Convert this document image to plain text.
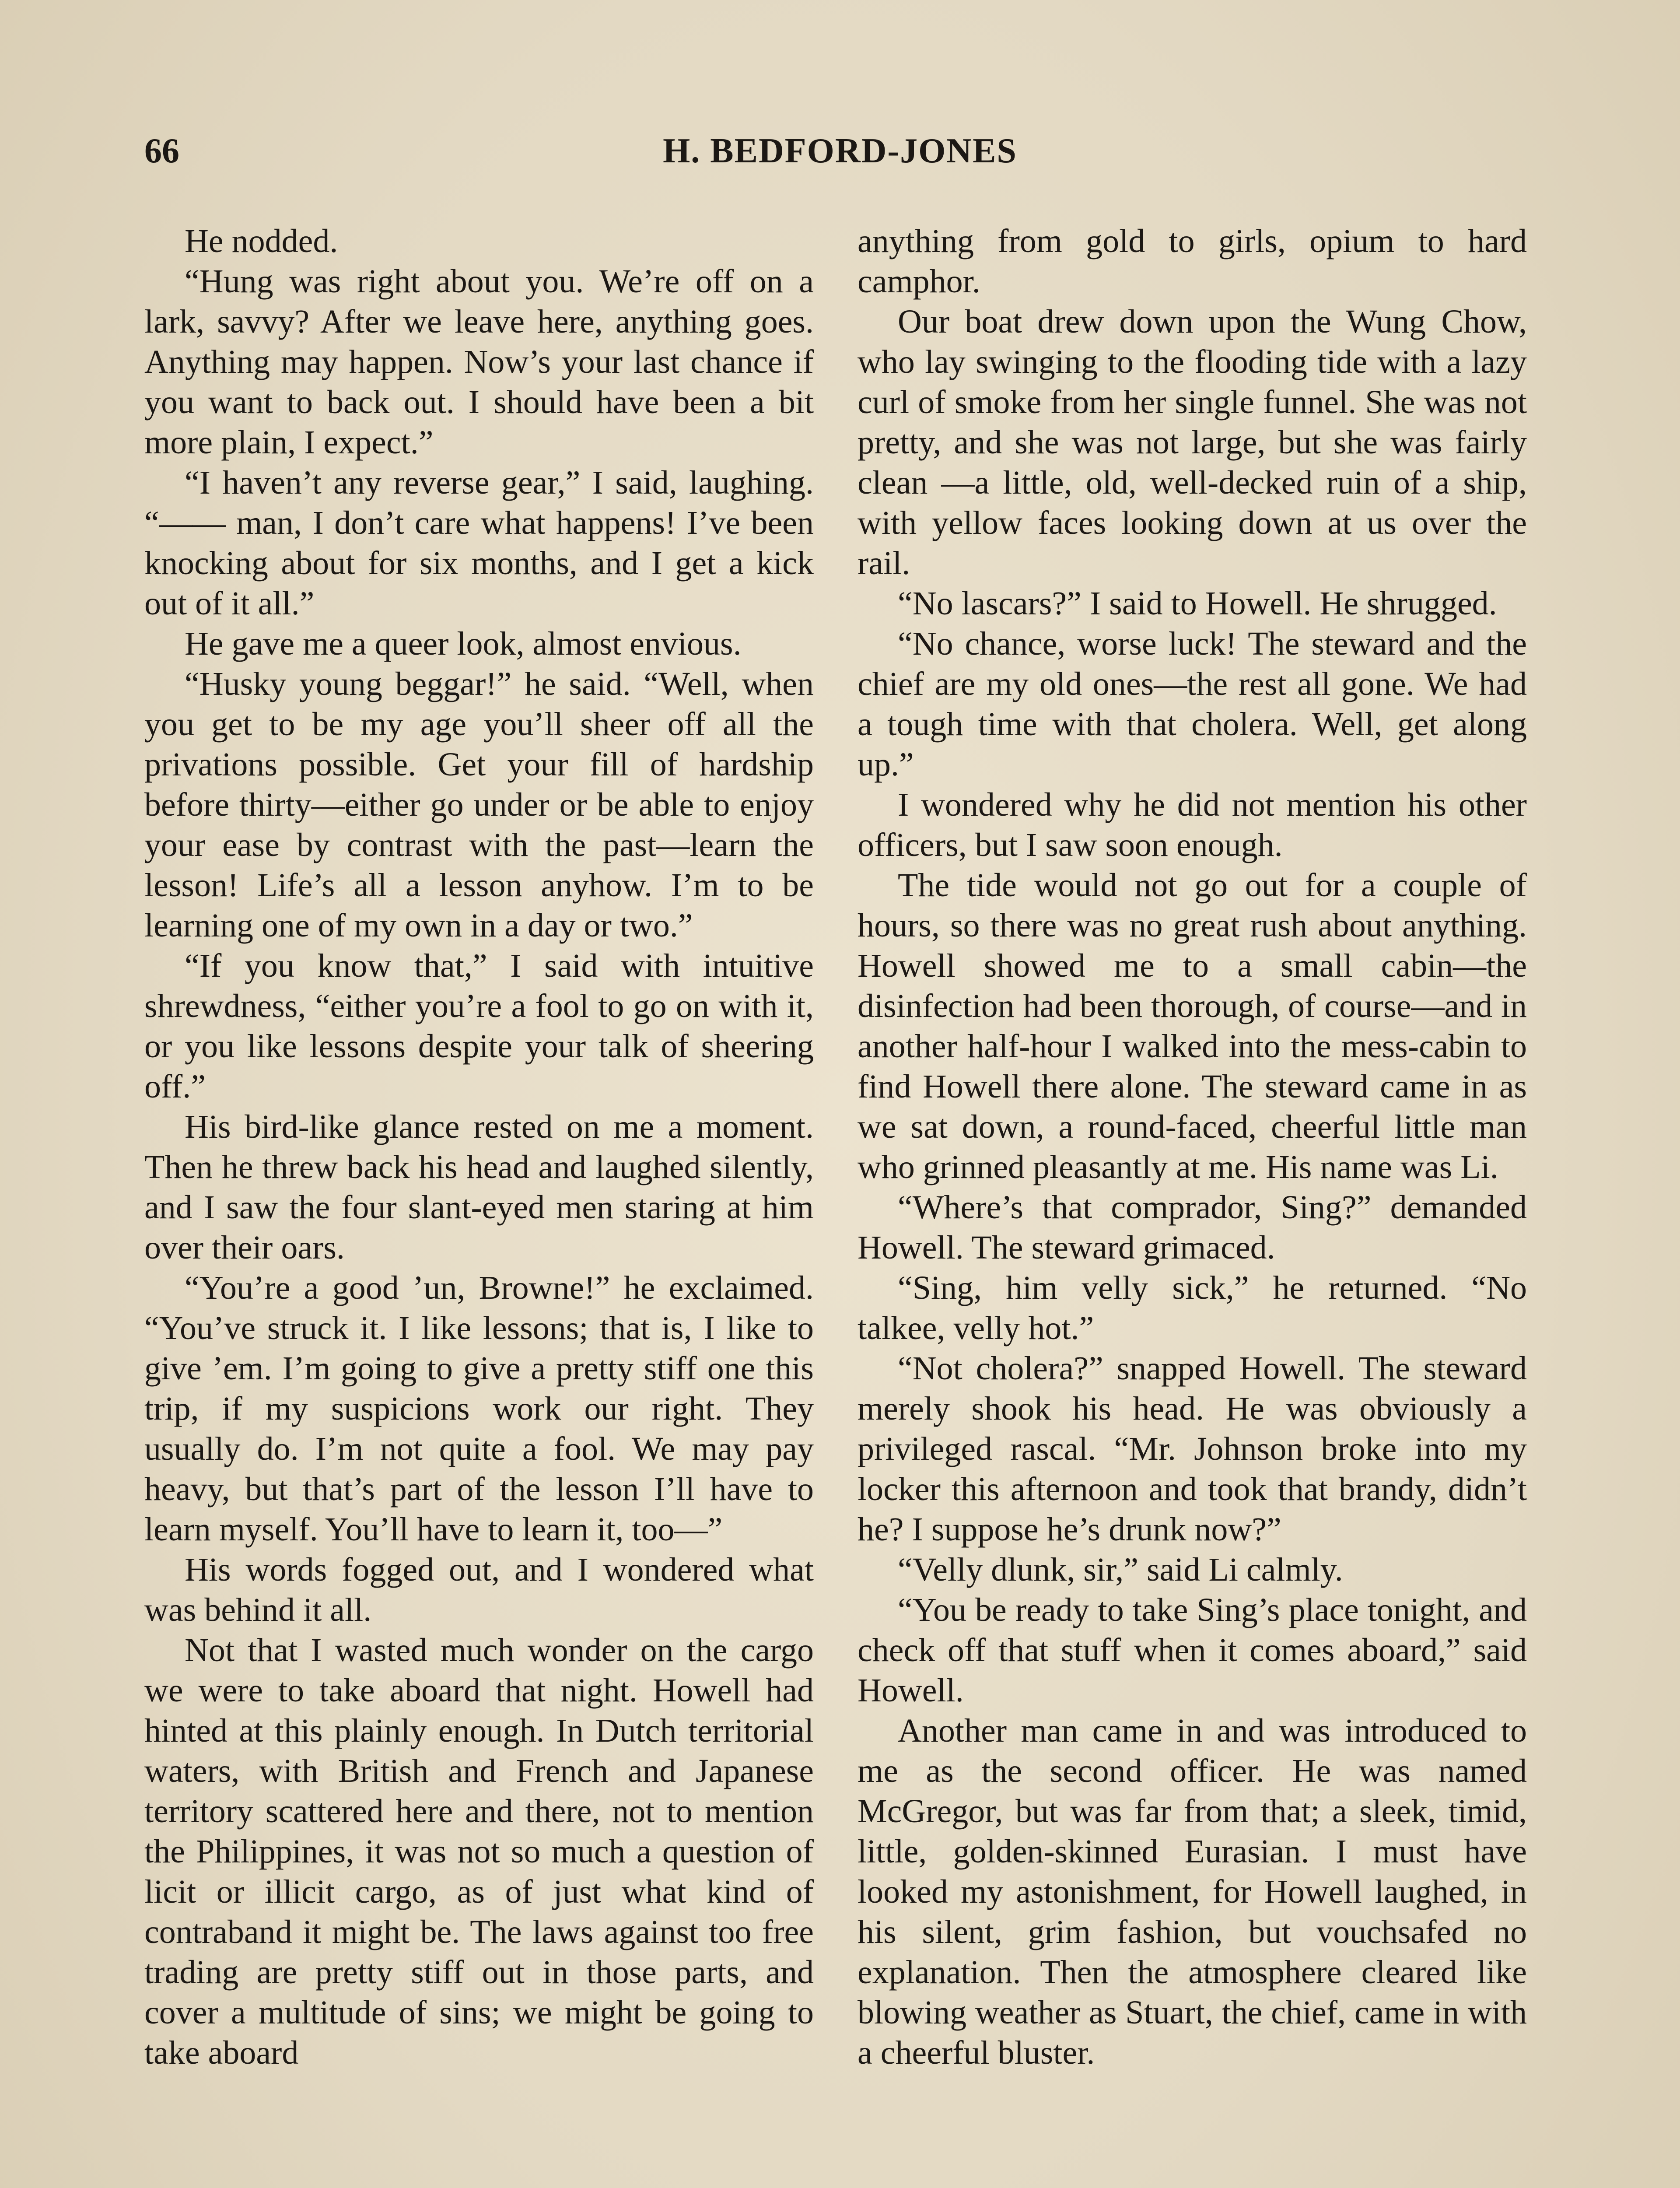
66	H. BEDFORD-JONES

He nodded.

“Hung was right about you. We’re off on a lark, savvy? After we leave here, anything goes. Anything may happen. Now’s your last chance if you want to back out. I should have been a bit more plain, I expect.”

“I haven’t any reverse gear,” I said, laughing. “—— man, I don’t care what happens! I’ve been knocking about for six months, and I get a kick out of it all.”

He gave me a queer look, almost envious.

“Husky young beggar!” he said. “Well, when you get to be my age you’ll sheer off all the privations possible. Get your fill of hardship before thirty—either go under or be able to enjoy your ease by contrast with the past—learn the lesson! Life’s all a lesson anyhow. I’m to be learning one of my own in a day or two.”

“If you know that,” I said with intuitive shrewdness, “either you’re a fool to go on with it, or you like lessons despite your talk of sheering off.”

His bird-like glance rested on me a moment. Then he threw back his head and laughed silently, and I saw the four slant-eyed men staring at him over their oars.

“You’re a good ’un, Browne!” he exclaimed. “You’ve struck it. I like lessons; that is, I like to give ’em. I’m going to give a pretty stiff one this trip, if my suspicions work our right. They usually do. I’m not quite a fool. We may pay heavy, but that’s part of the lesson I’ll have to learn myself. You’ll have to learn it, too—”

His words fogged out, and I wondered what was behind it all.

Not that I wasted much wonder on the cargo we were to take aboard that night. Howell had hinted at this plainly enough. In Dutch territorial waters, with British and French and Japanese territory scattered here and there, not to mention the Philippines, it was not so much a question of licit or illicit cargo, as of just what kind of contraband it might be. The laws against too free trading are pretty stiff out in those parts, and cover a multitude of sins; we might be going to take aboard

anything from gold to girls, opium to hard camphor.

Our boat drew down upon the Wung Chow, who lay swinging to the flooding tide with a lazy curl of smoke from her single funnel. She was not pretty, and she was not large, but she was fairly clean —a little, old, well-decked ruin of a ship, with yellow faces looking down at us over the rail.

“No lascars?” I said to Howell. He shrugged.

“No chance, worse luck! The steward and the chief are my old ones—the rest all gone. We had a tough time with that cholera. Well, get along up.”

I wondered why he did not mention his other officers, but I saw soon enough.

The tide would not go out for a couple of hours, so there was no great rush about anything. Howell showed me to a small cabin—the disinfection had been thorough, of course—and in another half-hour I walked into the mess-cabin to find Howell there alone. The steward came in as we sat down, a round-faced, cheerful little man who grinned pleasantly at me. His name was Li.

“Where’s that comprador, Sing?” demanded Howell. The steward grimaced.

“Sing, him velly sick,” he returned. “No talkee, velly hot.”

“Not cholera?” snapped Howell. The steward merely shook his head. He was obviously a privileged rascal. “Mr. Johnson broke into my locker this afternoon and took that brandy, didn’t he? I suppose he’s drunk now?”

“Velly dlunk, sir,” said Li calmly.

“You be ready to take Sing’s place tonight, and check off that stuff when it comes aboard,” said Howell.

Another man came in and was introduced to me as the second officer. He was named McGregor, but was far from that; a sleek, timid, little, golden-skinned Eurasian. I must have looked my astonishment, for Howell laughed, in his silent, grim fashion, but vouchsafed no explanation. Then the atmosphere cleared like blowing weather as Stuart, the chief, came in with a cheerful bluster.
